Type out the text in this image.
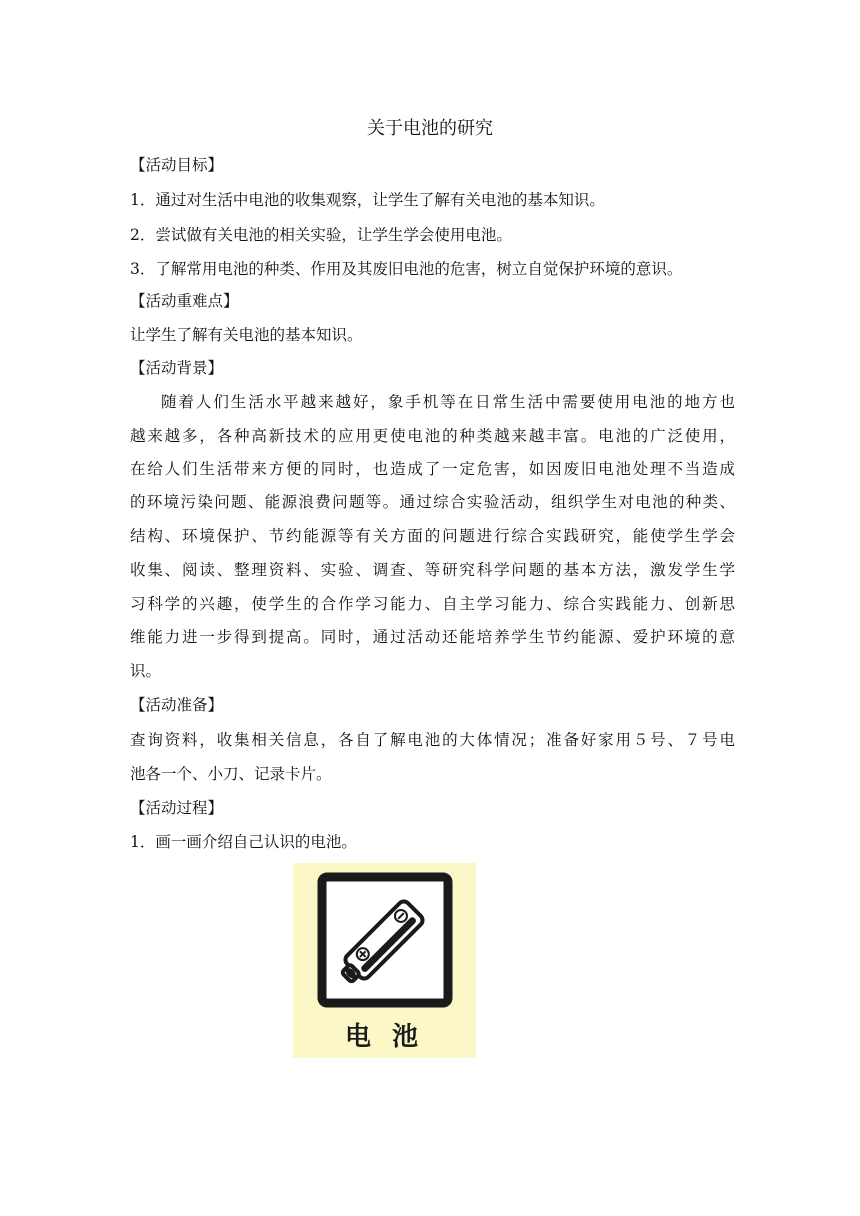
关于电池的研究
【活动目标】
1．通过对生活中电池的收集观察，让学生了解有关电池的基本知识。
2．尝试做有关电池的相关实验，让学生学会使用电池。
3．了解常用电池的种类、作用及其废旧电池的危害，树立自觉保护环境的意识。
【活动重难点】
让学生了解有关电池的基本知识。
【活动背景】
随着人们生活水平越来越好，象手机等在日常生活中需要使用电池的地方也
越来越多，各种高新技术的应用更使电池的种类越来越丰富。电池的广泛使用，
在给人们生活带来方便的同时，也造成了一定危害，如因废旧电池处理不当造成
的环境污染问题、能源浪费问题等。通过综合实验活动，组织学生对电池的种类、
结构、环境保护、节约能源等有关方面的问题进行综合实践研究，能使学生学会
收集、阅读、整理资料、实验、调查、等研究科学问题的基本方法，激发学生学
习科学的兴趣，使学生的合作学习能力、自主学习能力、综合实践能力、创新思
维能力进一步得到提高。同时，通过活动还能培养学生节约能源、爱护环境的意
识。
【活动准备】
查询资料，收集相关信息，各自了解电池的大体情况；准备好家用５号、７号电
池各一个、小刀、记录卡片。
【活动过程】
1．画一画介绍自己认识的电池。
电 池
